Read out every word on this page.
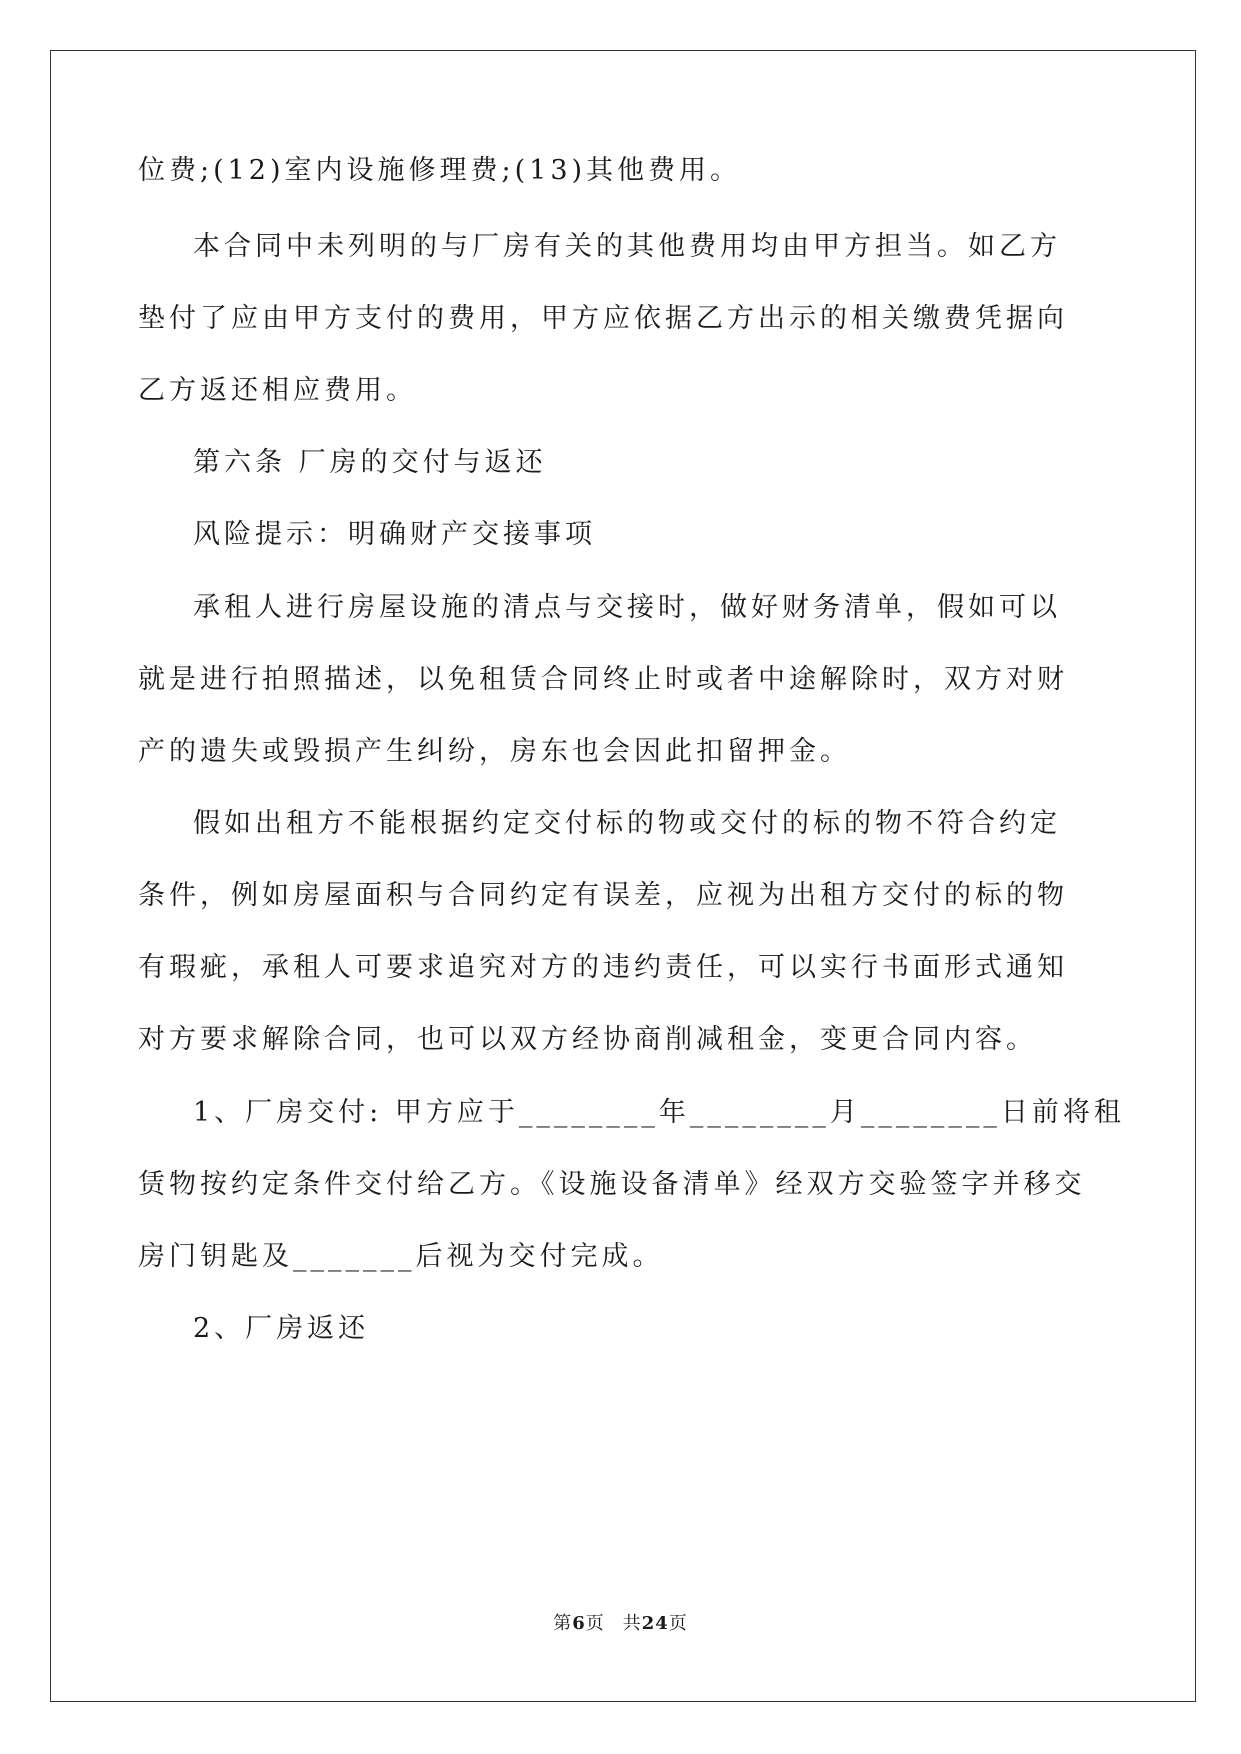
位费;(12)室内设施修理费;(13)其他费用。
本合同中未列明的与厂房有关的其他费用均由甲方担当。如乙方
垫付了应由甲方支付的费用，甲方应依据乙方出示的相关缴费凭据向
乙方返还相应费用。
第六条 厂房的交付与返还
风险提示：明确财产交接事项
承租人进行房屋设施的清点与交接时，做好财务清单，假如可以
就是进行拍照描述，以免租赁合同终止时或者中途解除时，双方对财
产的遗失或毁损产生纠纷，房东也会因此扣留押金。
假如出租方不能根据约定交付标的物或交付的标的物不符合约定
条件，例如房屋面积与合同约定有误差，应视为出租方交付的标的物
有瑕疵，承租人可要求追究对方的违约责任，可以实行书面形式通知
对方要求解除合同，也可以双方经协商削减租金，变更合同内容。
1、厂房交付: 甲方应于________年________月________日前将租
赁物按约定条件交付给乙方。《设施设备清单》经双方交验签字并移交
房门钥匙及_______后视为交付完成。
2、厂房返还
第6页 共24页
